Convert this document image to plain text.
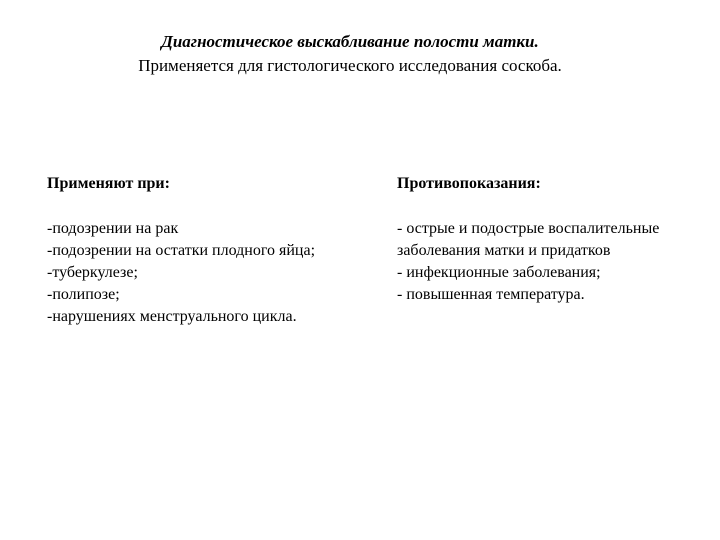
Диагностическое выскабливание полости матки.

Применяется для гистологического исследования соскоба.

Применяют при:

-подозрении на рак
-подозрении на остатки плодного яйца;
-туберкулезе;
-полипозе;
-нарушениях менструального цикла.

Противопоказания:

- острые и подострые воспалительные
заболевания матки и придатков
- инфекционные заболевания;
- повышенная температура.
